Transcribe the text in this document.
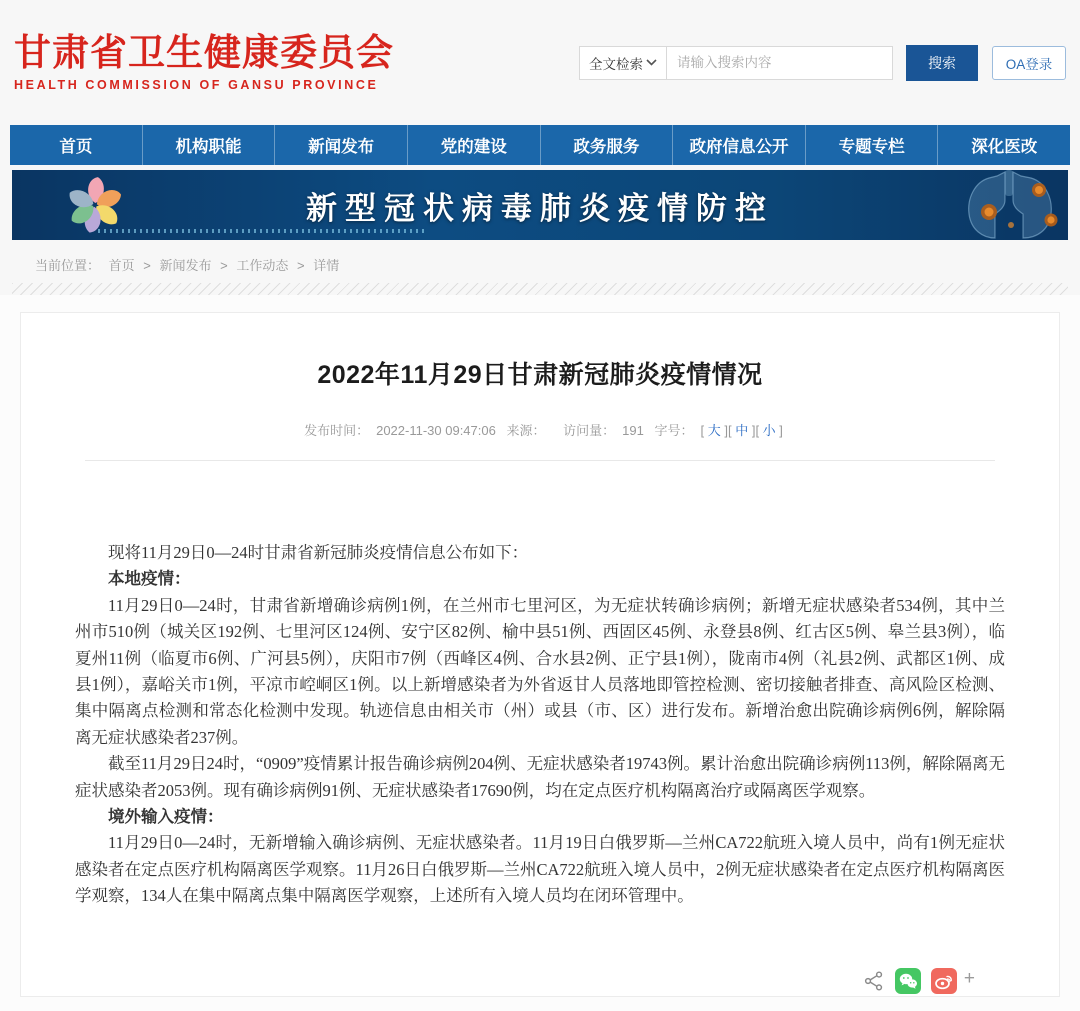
甘肃省卫生健康委员会
HEALTH COMMISSION OF GANSU PROVINCE
全文检索
请输入搜索内容	搜索	OA登录
首页	机构职能	新闻发布	党的建设	政务服务	政府信息公开	专题专栏	深化医改
新型冠状病毒肺炎疫情防控
当前位置： 首页 > 新闻发布 > 工作动态 > 详情
2022年11月29日甘肃新冠肺炎疫情情况
发布时间： 2022-11-30 09:47:06 来源： 访问量： 191 字号： [ 大 ][ 中 ][ 小 ]

现将11月29日0—24时甘肃省新冠肺炎疫情信息公布如下：

本地疫情：

11月29日0—24时，甘肃省新增确诊病例1例，在兰州市七里河区，为无症状转确诊病例；新增无症状感染者534例，其中兰州市510例（城关区192例、七里河区124例、安宁区82例、榆中县51例、西固区45例、永登县8例、红古区5例、皋兰县3例），临夏州11例（临夏市6例、广河县5例），庆阳市7例（西峰区4例、合水县2例、正宁县1例），陇南市4例（礼县2例、武都区1例、成县1例），嘉峪关市1例，平凉市崆峒区1例。以上新增感染者为外省返甘人员落地即管控检测、密切接触者排查、高风险区检测、集中隔离点检测和常态化检测中发现。轨迹信息由相关市（州）或县（市、区）进行发布。新增治愈出院确诊病例6例，解除隔离无症状感染者237例。

截至11月29日24时，“0909”疫情累计报告确诊病例204例、无症状感染者19743例。累计治愈出院确诊病例113例，解除隔离无症状感染者2053例。现有确诊病例91例、无症状感染者17690例，均在定点医疗机构隔离治疗或隔离医学观察。

境外输入疫情：

11月29日0—24时，无新增输入确诊病例、无症状感染者。11月19日白俄罗斯—兰州CA722航班入境人员中，尚有1例无症状感染者在定点医疗机构隔离医学观察。11月26日白俄罗斯—兰州CA722航班入境人员中，2例无症状感染者在定点医疗机构隔离医学观察，134人在集中隔离点集中隔离医学观察，上述所有入境人员均在闭环管理中。

+
